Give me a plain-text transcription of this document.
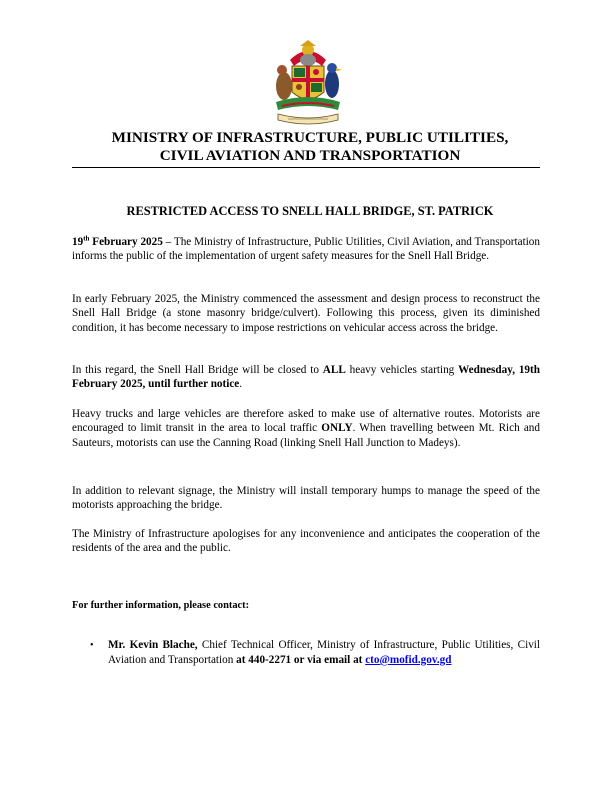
MINISTRY OF INFRASTRUCTURE, PUBLIC UTILITIES,
CIVIL AVIATION AND TRANSPORTATION
RESTRICTED ACCESS TO SNELL HALL BRIDGE, ST. PATRICK
19th February 2025 – The Ministry of Infrastructure, Public Utilities, Civil Aviation, and Transportation informs the public of the implementation of urgent safety measures for the Snell Hall Bridge.
In early February 2025, the Ministry commenced the assessment and design process to reconstruct the Snell Hall Bridge (a stone masonry bridge/culvert). Following this process, given its diminished condition, it has become necessary to impose restrictions on vehicular access across the bridge.
In this regard, the Snell Hall Bridge will be closed to ALL heavy vehicles starting Wednesday, 19th February 2025, until further notice.
Heavy trucks and large vehicles are therefore asked to make use of alternative routes. Motorists are encouraged to limit transit in the area to local traffic ONLY. When travelling between Mt. Rich and Sauteurs, motorists can use the Canning Road (linking Snell Hall Junction to Madeys).
In addition to relevant signage, the Ministry will install temporary humps to manage the speed of the motorists approaching the bridge.
The Ministry of Infrastructure apologises for any inconvenience and anticipates the cooperation of the residents of the area and the public.
For further information, please contact:
• Mr. Kevin Blache, Chief Technical Officer, Ministry of Infrastructure, Public Utilities, Civil Aviation and Transportation at 440-2271 or via email at cto@mofid.gov.gd
